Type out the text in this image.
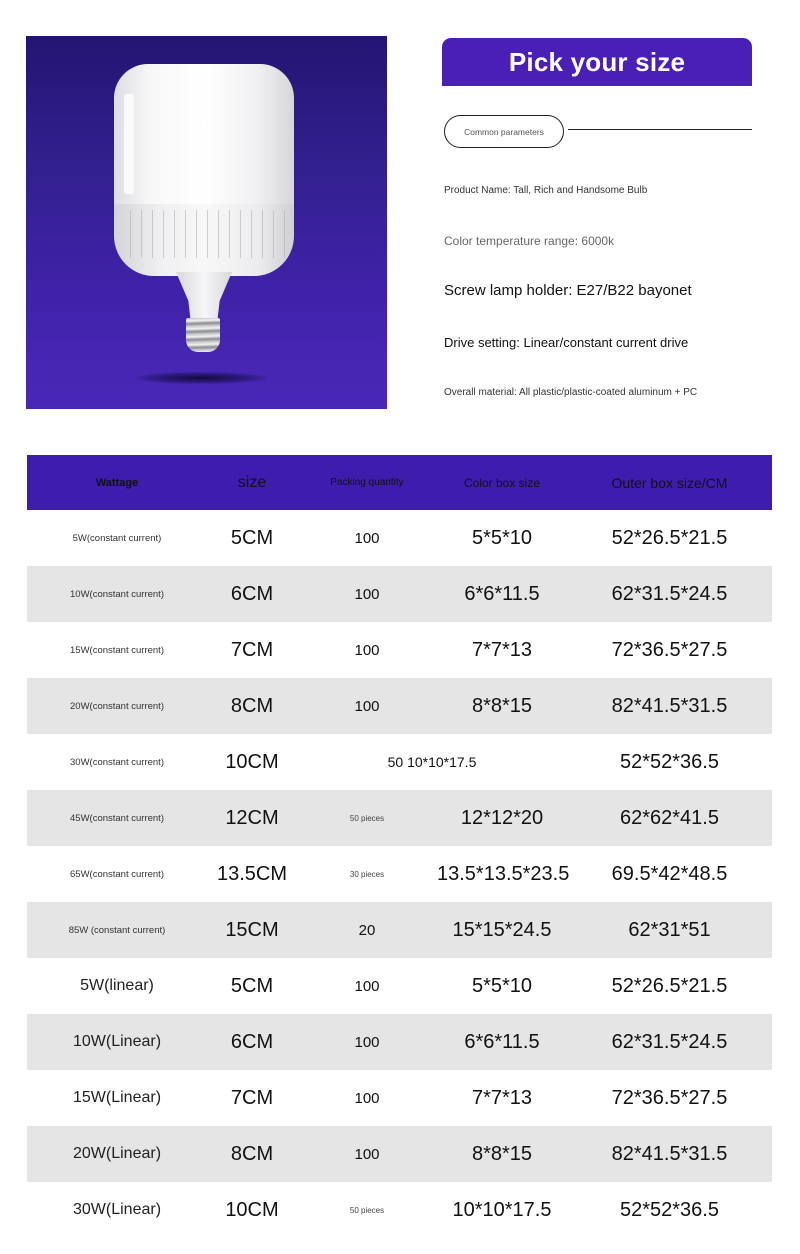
Pick your size
Common parameters
Product Name: Tall, Rich and Handsome Bulb
Color temperature range: 6000k
Screw lamp holder: E27/B22 bayonet
Drive setting: Linear/constant current drive
Overall material: All plastic/plastic-coated aluminum + PC
Wattage	size	Packing quantity	Color box size	Outer box size/CM
5W(constant current)	5CM	100	5*5*10	52*26.5*21.5
10W(constant current)	6CM	100	6*6*11.5	62*31.5*24.5
15W(constant current)	7CM	100	7*7*13	72*36.5*27.5
20W(constant current)	8CM	100	8*8*15	82*41.5*31.5
30W(constant current)	10CM	50 10*10*17.5	52*52*36.5
45W(constant current)	12CM	50 pieces	12*12*20	62*62*41.5
65W(constant current)	13.5CM	30 pieces	13.5*13.5*23.5	69.5*42*48.5
85W (constant current)	15CM	20	15*15*24.5	62*31*51
5W(linear)	5CM	100	5*5*10	52*26.5*21.5
10W(Linear)	6CM	100	6*6*11.5	62*31.5*24.5
15W(Linear)	7CM	100	7*7*13	72*36.5*27.5
20W(Linear)	8CM	100	8*8*15	82*41.5*31.5
30W(Linear)	10CM	50 pieces	10*10*17.5	52*52*36.5
